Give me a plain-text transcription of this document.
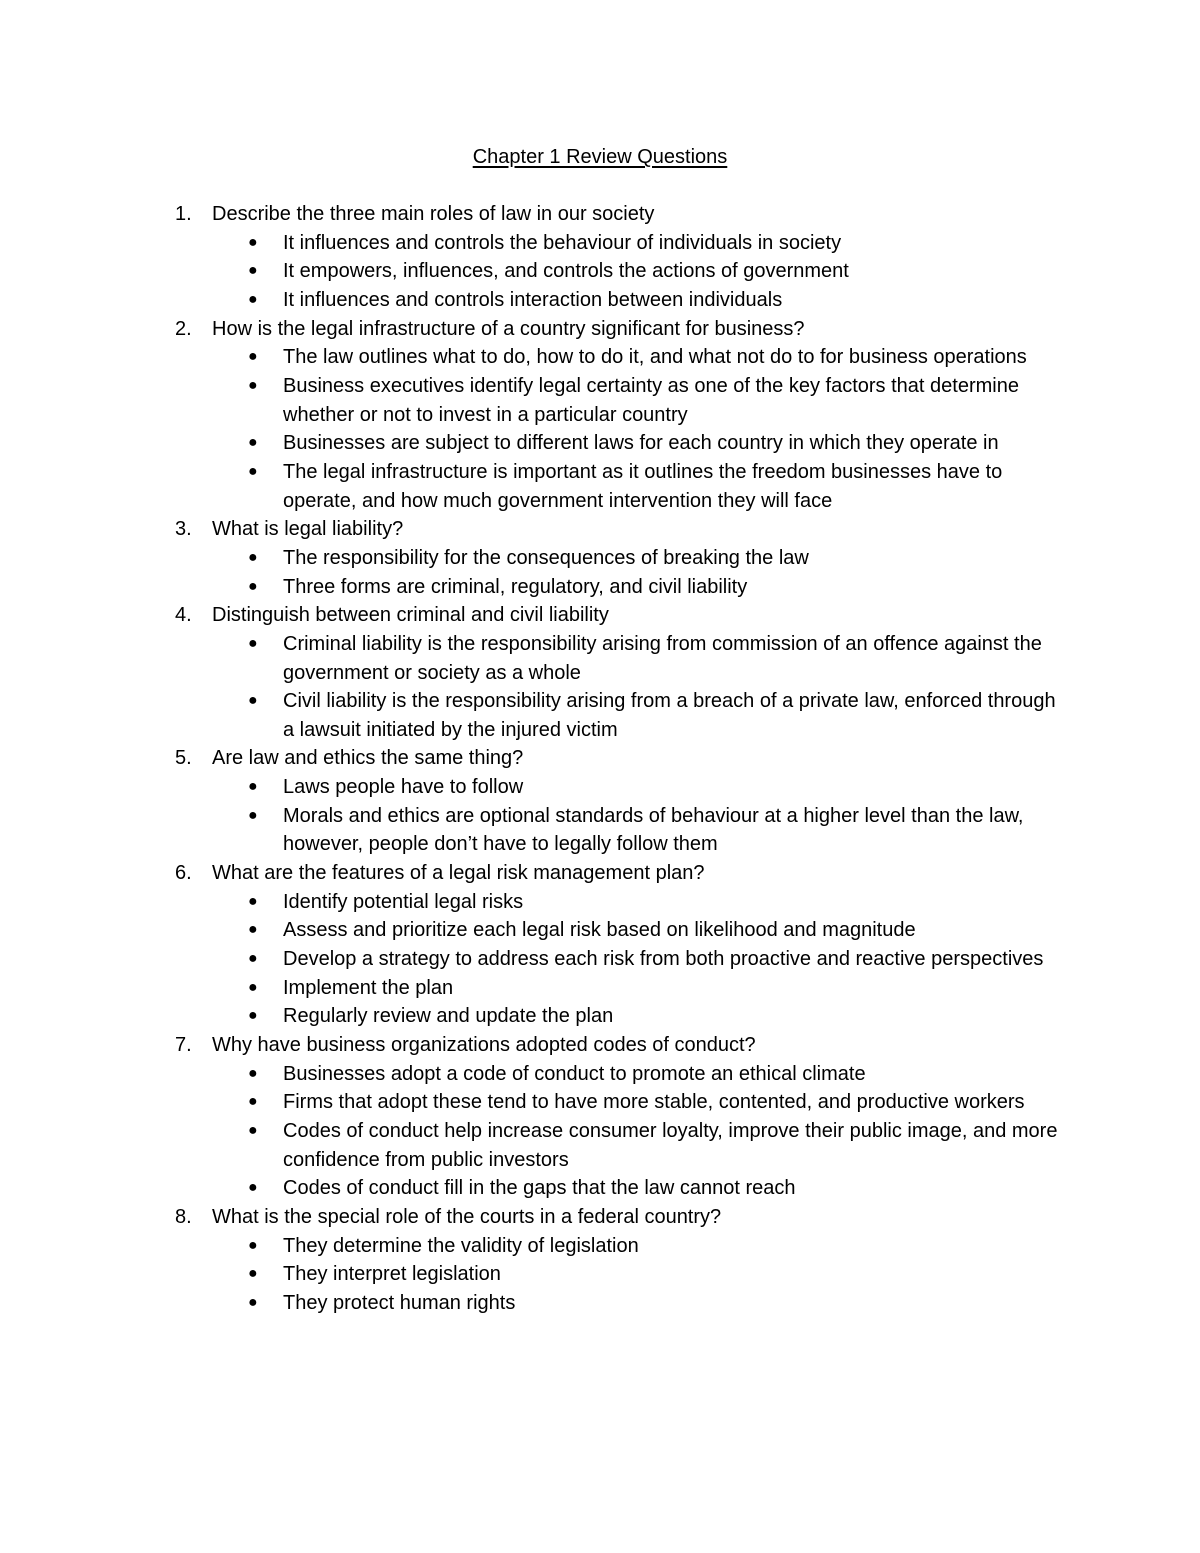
Chapter 1 Review Questions
1. Describe the three main roles of law in our society
● It influences and controls the behaviour of individuals in society
● It empowers, influences, and controls the actions of government
● It influences and controls interaction between individuals
2. How is the legal infrastructure of a country significant for business?
● The law outlines what to do, how to do it, and what not do to for business operations
● Business executives identify legal certainty as one of the key factors that determine whether or not to invest in a particular country
● Businesses are subject to different laws for each country in which they operate in
● The legal infrastructure is important as it outlines the freedom businesses have to operate, and how much government intervention they will face
3. What is legal liability?
● The responsibility for the consequences of breaking the law
● Three forms are criminal, regulatory, and civil liability
4. Distinguish between criminal and civil liability
● Criminal liability is the responsibility arising from commission of an offence against the government or society as a whole
● Civil liability is the responsibility arising from a breach of a private law, enforced through a lawsuit initiated by the injured victim
5. Are law and ethics the same thing?
● Laws people have to follow
● Morals and ethics are optional standards of behaviour at a higher level than the law, however, people don’t have to legally follow them
6. What are the features of a legal risk management plan?
● Identify potential legal risks
● Assess and prioritize each legal risk based on likelihood and magnitude
● Develop a strategy to address each risk from both proactive and reactive perspectives
● Implement the plan
● Regularly review and update the plan
7. Why have business organizations adopted codes of conduct?
● Businesses adopt a code of conduct to promote an ethical climate
● Firms that adopt these tend to have more stable, contented, and productive workers
● Codes of conduct help increase consumer loyalty, improve their public image, and more confidence from public investors
● Codes of conduct fill in the gaps that the law cannot reach
8. What is the special role of the courts in a federal country?
● They determine the validity of legislation
● They interpret legislation
● They protect human rights
